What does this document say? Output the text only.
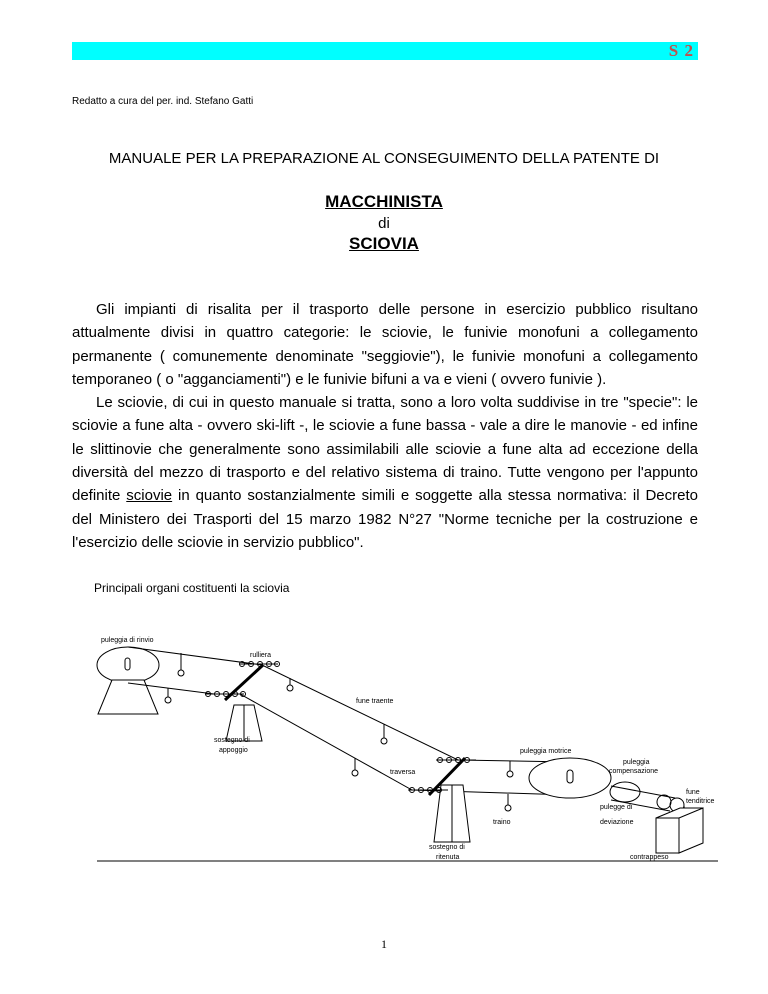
S 2
Redatto a cura del per. ind. Stefano Gatti
MANUALE PER LA PREPARAZIONE AL CONSEGUIMENTO DELLA PATENTE DI
MACCHINISTA
di
SCIOVIA

Gli impianti di risalita per il trasporto delle persone in esercizio pubblico risultano attualmente divisi in quattro categorie: le sciovie, le funivie monofuni a collegamento permanente ( comunemente denominate "seggiovie"), le funivie monofuni a collegamento temporaneo ( o "agganciamenti") e le funivie bifuni a va e vieni ( ovvero funivie ).

Le sciovie, di cui in questo manuale si tratta, sono a loro volta suddivise in tre "specie": le sciovie a fune alta - ovvero ski-lift -, le sciovie a fune bassa - vale a dire le manovie - ed infine le slittinovie che generalmente sono assimilabili alle sciovie a fune alta ad eccezione della diversità del mezzo di trasporto e del relativo sistema di traino. Tutte vengono per l'appunto definite sciovie in quanto sostanzialmente simili e soggette alla stessa normativa: il Decreto del Ministero dei Trasporti del 15 marzo 1982 N°27 "Norme tecniche per la costruzione e l'esercizio delle sciovie in servizio pubblico".

Principali organi costituenti la sciovia
puleggia di rinvio
rulliera
fune traente
sostegno di
appoggio	puleggia motrice
puleggia
compensazione
traversa
fune
tenditrice
pulegge di
deviazione
traino
sostegno di
ritenuta	contrappeso
1
